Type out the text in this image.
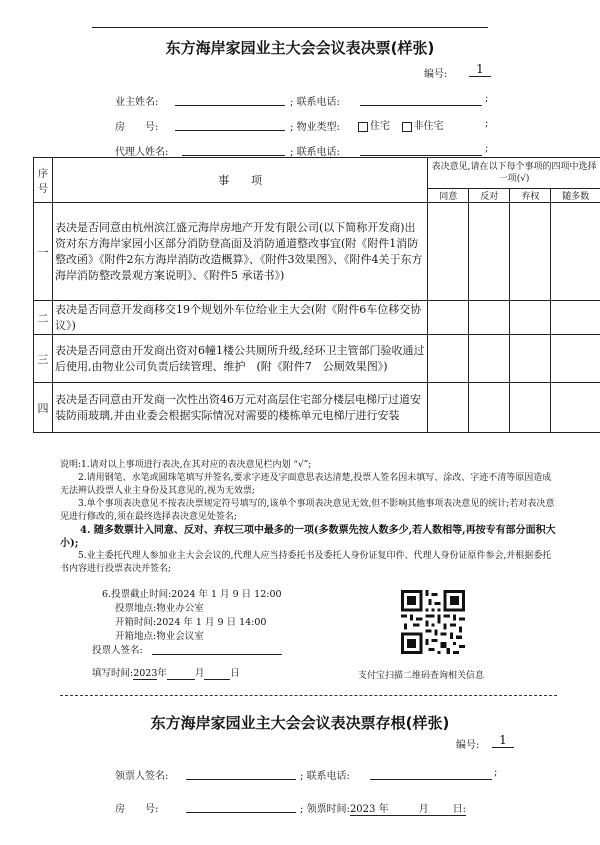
东方海岸家园业主大会会议表决票(样张)
编号:	1
业主姓名:	; 联系电话:	;
房　　号:	; 物业类型:	住宅 非住宅	;
代理人姓名:	; 联系电话:	;
序号	事　　项	表决意见,请在以下每个事项的四项中选择一项(√)			
		同意	反对	弃权	随多数
一	表决是否同意由杭州滨江盛元海岸房地产开发有限公司(以下简称开发商)出资对东方海岸家园小区部分消防登高面及消防通道整改事宜(附《附件1消防整改函》《附件2东方海岸消防改造概算》、《附件3效果图》、《附件4关于东方海岸消防整改景观方案说明》、《附件5 承诺书》)				
二	表决是否同意开发商移交19个规划外车位给业主大会(附《附件6车位移交协议》)				
三	表决是否同意由开发商出资对6幢1楼公共厕所升级,经环卫主管部门验收通过后使用,由物业公司负责后续管理、维护　(附《附件7　公厕效果图》)				
四	表决是否同意由开发商一次性出资46万元对高层住宅部分楼层电梯厅过道安装防雨玻璃,并由业委会根据实际情况对需要的楼栋单元电梯厅进行安装				

说明:1.请对以上事项进行表决,在其对应的表决意见栏内划 “√”;

2.请用钢笔、水笔或圆珠笔填写并签名,要求字迹及字面意思表达清楚,投票人签名因未填写、涂改、字迹不清等原因造成无法辨认投票人业主身份及其意见的,视为无效票;

3.单个事项表决意见不按表决票规定符号填写的,该单个事项表决意见无效,但不影响其他事项表决意见的统计;若对表决意见进行修改的,须在最终选择表决意见处签名;

4. 随多数票计入同意、反对、弃权三项中最多的一项(多数票先按人数多少,若人数相等,再按专有部分面积大小);

5.业主委托代理人参加业主大会会议的,代理人应当持委托书及委托人身份证复印件、代理人身份证原件参会,并根据委托书内容进行投票表决并签名;

6.投票截止时间:2024 年 1 月 9 日 12:00
投票地点:物业办公室
开箱时间:2024 年 1 月 9 日 14:00
开箱地点:物业会议室
投票人签名:
填写时间:2023年	月	日	支付宝扫描二维码查询相关信息
东方海岸家园业主大会会议表决票存根(样张)
编号:	1
领票人签名:	; 联系电话:	;
房　　号:	; 领票时间:2023 年	月 日:
